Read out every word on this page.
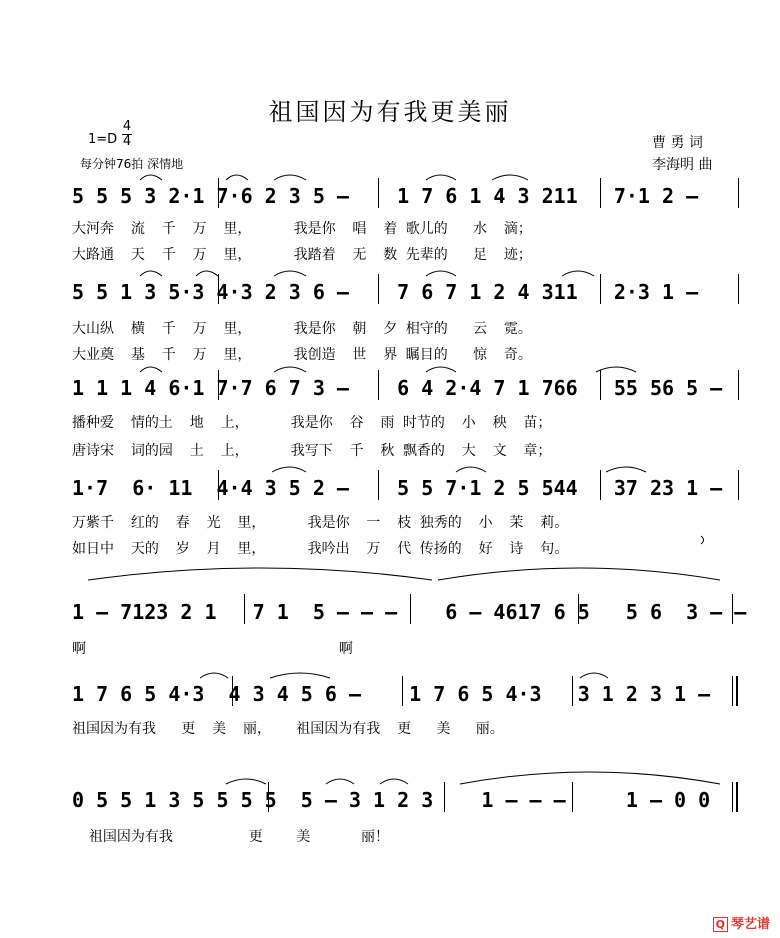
祖国因为有我更美丽
1=D
4
4
每分钟76拍 深情地
曹 勇 词
李海明 曲
5 5 5 3 2·1 7·6 2 3 5 –    1 7 6 1 4 3 211   7·1 2 –
大河奔  流  千  万  里，     我是你  唱  着 歌儿的   水  滴；
大路通  天  千  万  里，     我踏着  无  数 先辈的   足  迹；
5 5 1 3 5·3 4·3 2 3 6 –    7 6 7 1 2 4 311   2·3 1 –
大山纵  横  千  万  里，     我是你  朝  夕 相守的   云  霓。
大业奠  基  千  万  里，     我创造  世  界 瞩目的   惊  奇。
1 1 1 4 6·1 7·7 6 7 3 –    6 4 2·4 7 1 766   55 56 5 –
播种爱  情的土  地  上，     我是你  谷  雨 时节的  小  秧  苗；
唐诗宋  词的园  土  上，     我写下  千  秋 飘香的  大  文  章；
1·7  6· 11  4·4 3 5 2 –    5 5 7·1 2 5 544   37 23 1 –
万紫千  红的  春  光  里，     我是你  一  枝 独秀的  小  茉  莉。
如日中  天的  岁  月  里，     我吟出  万  代 传扬的  好  诗  句。
1 – 7123 2 1   7 1  5 – – –    6 – 4617 6 5   5 6  3 – –
啊                              啊
1 7 6 5 4·3  4 3 4 5 6 –    1 7 6 5 4·3   3 1 2 3 1 –
祖国因为有我   更  美  丽，   祖国因为有我  更   美   丽。
0 5 5 1 3 5 5 5 5  5 – 3 1 2 3    1 – – –     1 – 0 0
祖国因为有我         更    美      丽！
Q 琴艺谱
